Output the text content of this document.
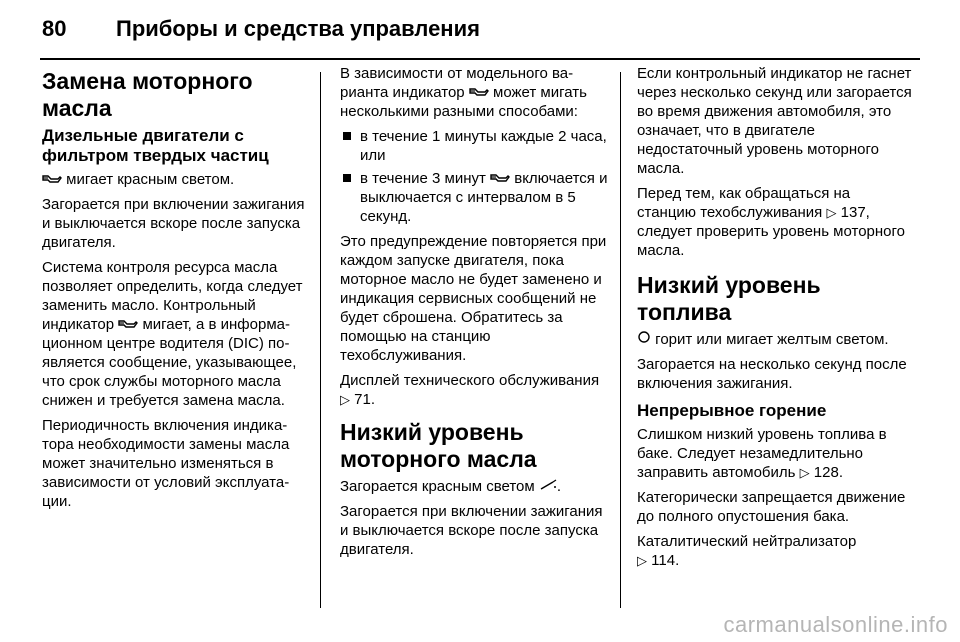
80 Приборы и средства управления
Замена моторного масла
Дизельные двигатели с фильтром твердых частиц

мигает красным светом.

Загорается при включении зажигания и выключается вскоре после запуска двигателя.

Система контроля ресурса масла позволяет определить, когда следует заменить масло. Контрольный индикатор мигает, а в информационном центре водителя (DIC) появляется сообщение, указывающее, что срок службы моторного масла снижен и требуется замена масла.

Периодичность включения индикатора необходимости замены масла может значительно изменяться в зависимости от условий эксплуатации.

В зависимости от модельного варианта индикатор может мигать несколькими разными способами:

в течение 1 минуты каждые 2 часа, или
в течение 3 минут включается и выключается с интервалом в 5 секунд.

Это предупреждение повторяется при каждом запуске двигателя, пока моторное масло не будет заменено и индикация сервисных сообщений не будет сброшена. Обратитесь за помощью на станцию техобслуживания.

Дисплей технического обслуживания ▷ 71.

Низкий уровень моторного масла

Загорается красным светом .

Загорается при включении зажигания и выключается вскоре после запуска двигателя.

Если контрольный индикатор не гаснет через несколько секунд или загорается во время движения автомобиля, это означает, что в двигателе недостаточный уровень моторного масла.

Перед тем, как обращаться на станцию техобслуживания ▷ 137, следует проверить уровень моторного масла.

Низкий уровень топлива

горит или мигает желтым светом.

Загорается на несколько секунд после включения зажигания.

Непрерывное горение

Слишком низкий уровень топлива в баке. Следует незамедлительно заправить автомобиль ▷ 128.

Категорически запрещается движение до полного опустошения бака.

Каталитический нейтрализатор
▷ 114.

carmanualsonline.info
